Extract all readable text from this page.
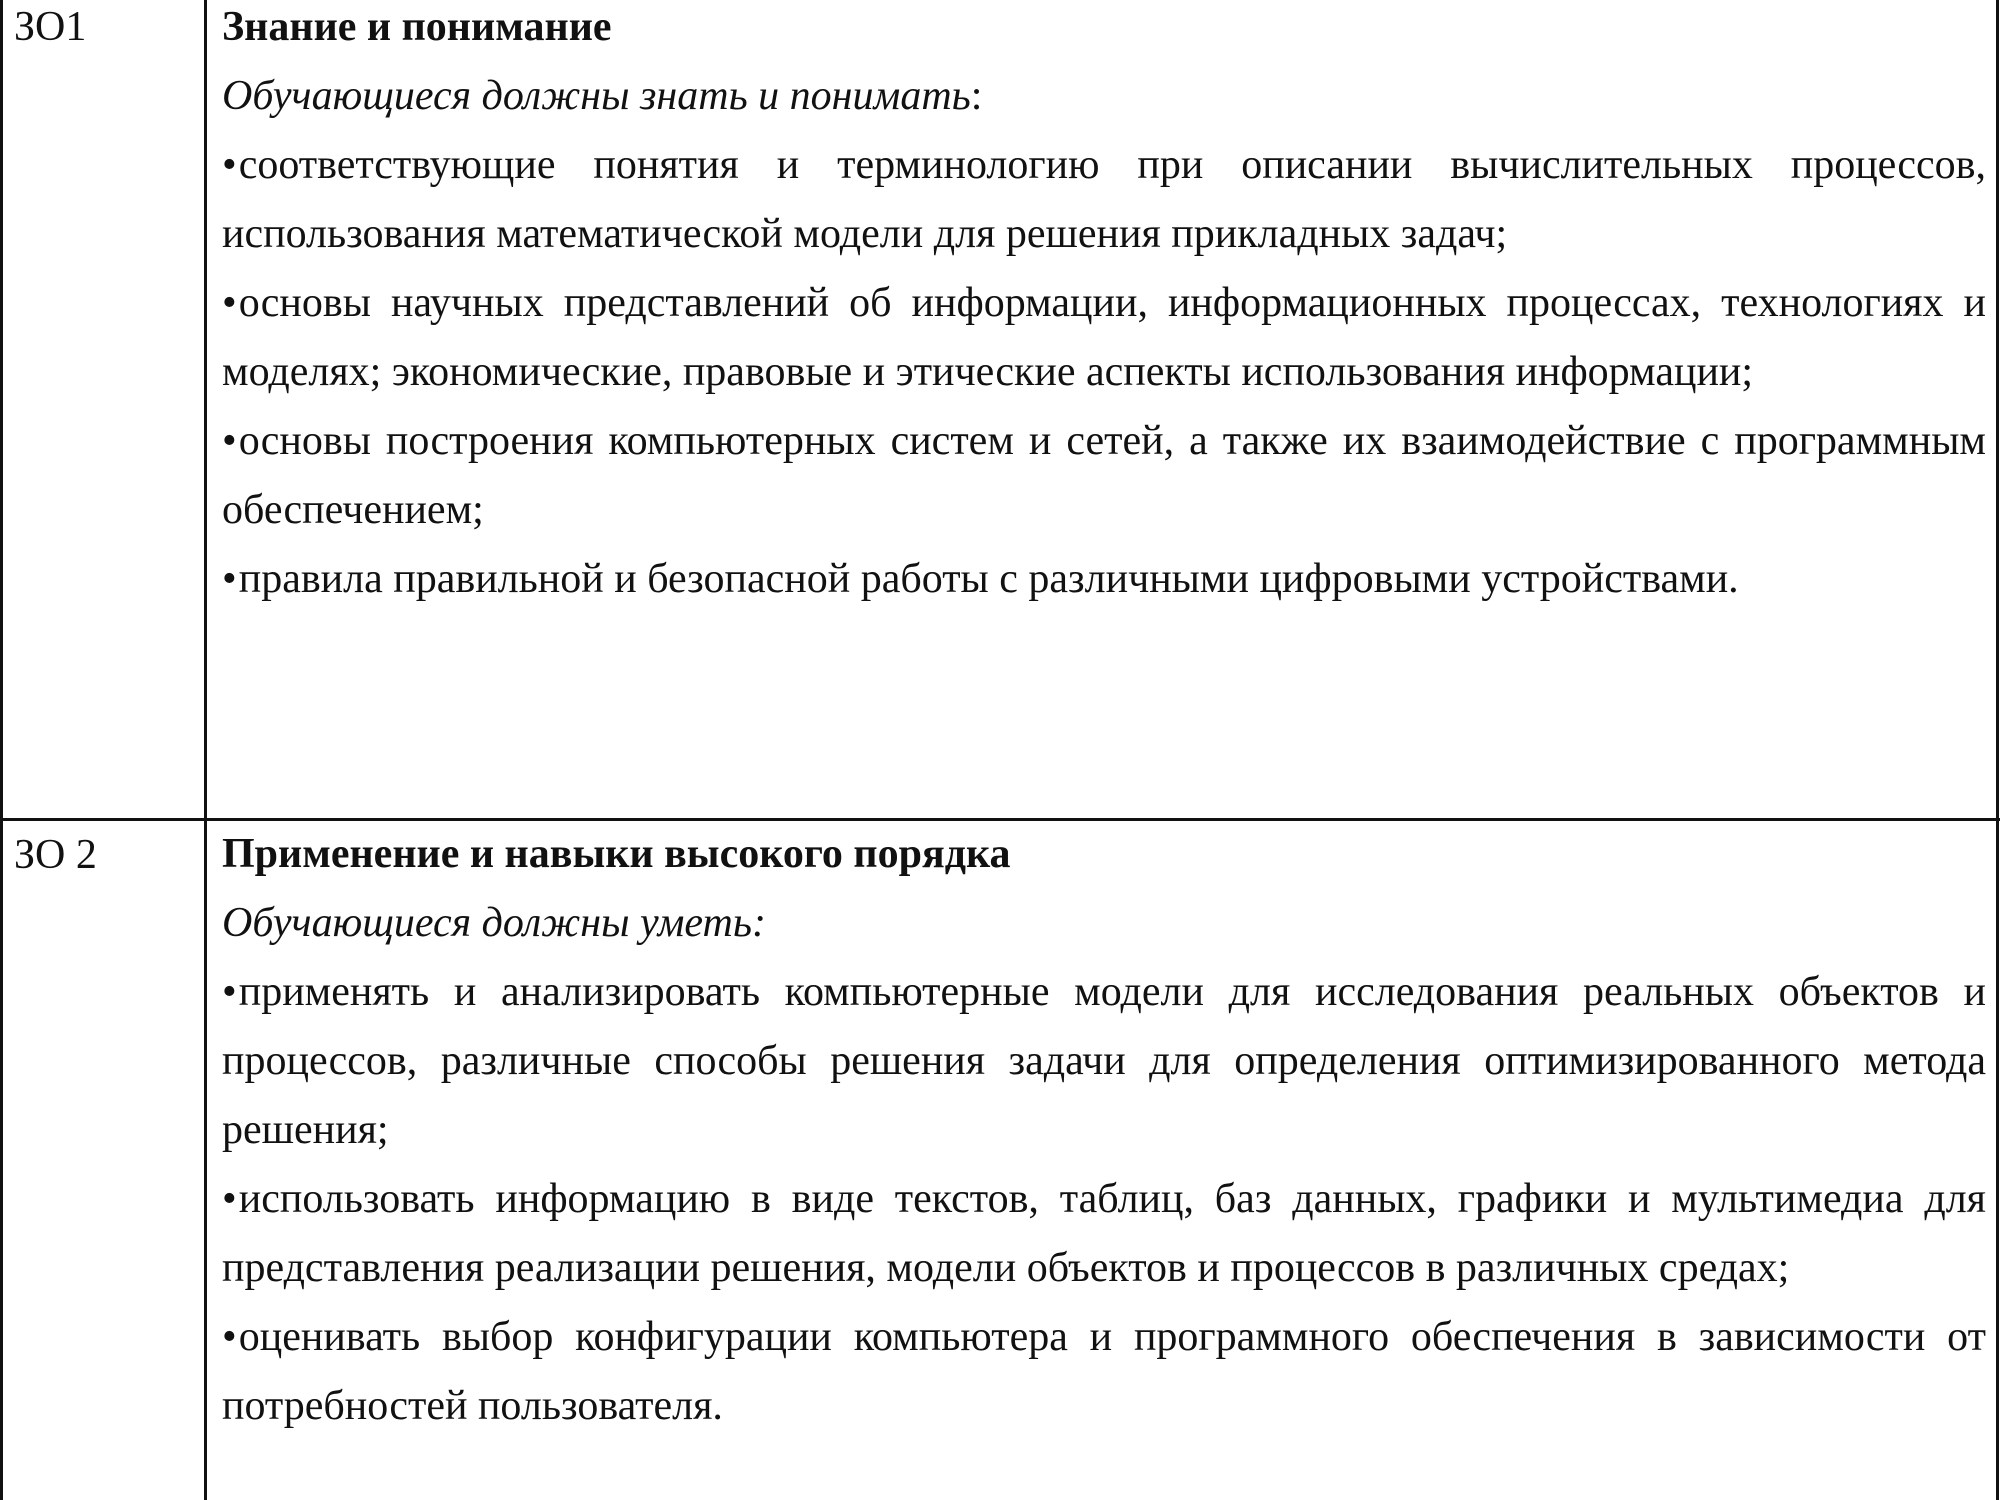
ЗО1	Знание и понимание

Обучающиеся должны знать и понимать:

•соответствующие понятия и терминологию при описании вычислительных процессов, использования математической модели для решения прикладных задач;

•основы научных представлений об информации, информационных процессах, технологиях и моделях; экономические, правовые и этические аспекты использования информации;

•основы построения компьютерных систем и сетей, а также их взаимодействие с программным обеспечением;

•правила правильной и безопасной работы с различными цифровыми устройствами.

ЗО 2	Применение и навыки высокого порядка

Обучающиеся должны уметь:

•применять и анализировать компьютерные модели для исследования реальных объектов и процессов, различные способы решения задачи для определения оптимизированного метода решения;

•использовать информацию в виде текстов, таблиц, баз данных, графики и мультимедиа для представления реализации решения, модели объектов и процессов в различных средах;

•оценивать выбор конфигурации компьютера и программного обеспечения в зависимости от потребностей пользователя.
